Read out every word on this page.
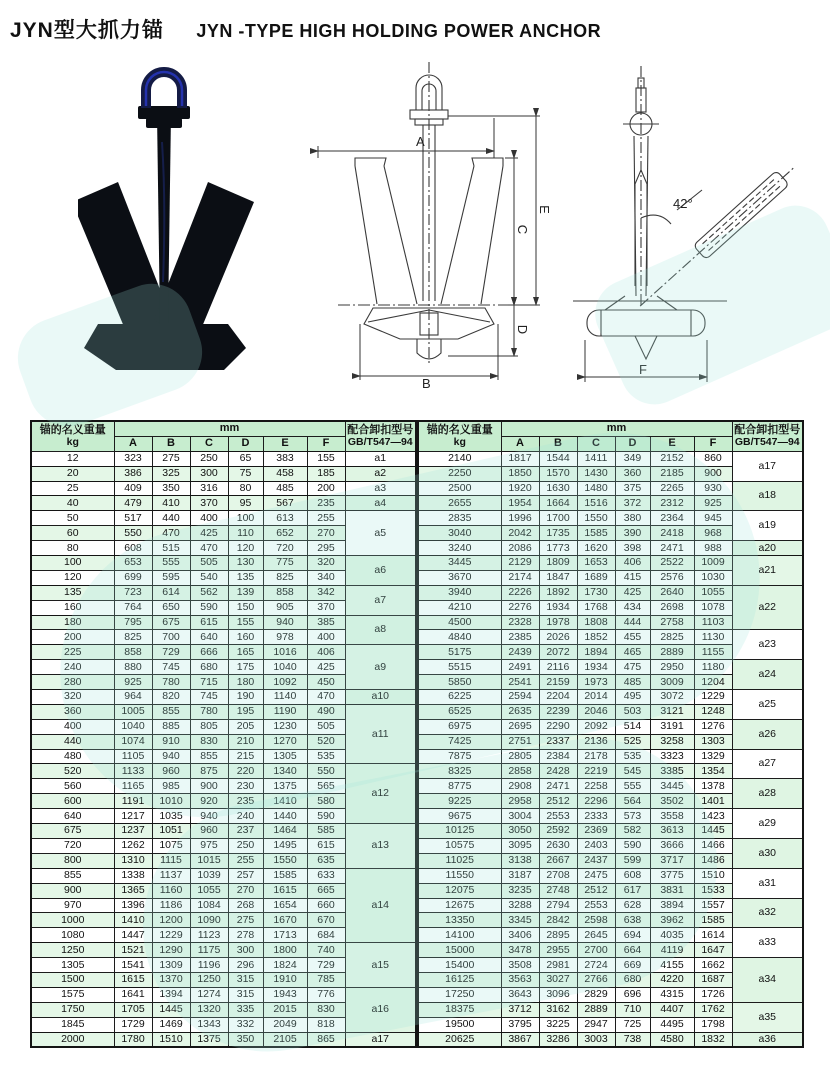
JYN型大抓力锚 JYN -TYPE HIGH HOLDING POWER ANCHOR
A
B
C
D
E	42°
F
锚的名义重量
kg	mm						配合卸扣型号
GB/T547—94

	A	B	C	D	E	F	
12	323	275	250	65	383	155	a1
20	386	325	300	75	458	185	a2
25	409	350	316	80	485	200	a3
40	479	410	370	95	567	235	a4
50	517	440	400	100	613	255	a5
60	550	470	425	110	652	270	
80	608	515	470	120	720	295	
100	653	555	505	130	775	320	a6
120	699	595	540	135	825	340	
135	723	614	562	139	858	342	a7
160	764	650	590	150	905	370	
180	795	675	615	155	940	385	a8
200	825	700	640	160	978	400	
225	858	729	666	165	1016	406	a9
240	880	745	680	175	1040	425	
280	925	780	715	180	1092	450	
320	964	820	745	190	1140	470	a10
360	1005	855	780	195	1190	490	a11
400	1040	885	805	205	1230	505	
440	1074	910	830	210	1270	520	
480	1105	940	855	215	1305	535	
520	1133	960	875	220	1340	550	a12
560	1165	985	900	230	1375	565	
600	1191	1010	920	235	1410	580	
640	1217	1035	940	240	1440	590	
675	1237	1051	960	237	1464	585	a13
720	1262	1075	975	250	1495	615	
800	1310	1115	1015	255	1550	635	
855	1338	1137	1039	257	1585	633	a14
900	1365	1160	1055	270	1615	665	
970	1396	1186	1084	268	1654	660	
1000	1410	1200	1090	275	1670	670	
1080	1447	1229	1123	278	1713	684	
1250	1521	1290	1175	300	1800	740	a15
1305	1541	1309	1196	296	1824	729	
1500	1615	1370	1250	315	1910	785	
1575	1641	1394	1274	315	1943	776	a16
1750	1705	1445	1320	335	2015	830	
1845	1729	1469	1343	332	2049	818	
2000	1780	1510	1375	350	2105	865	a17
锚的名义重量
kg	mm						配合卸扣型号
GB/T547—94

	A	B	C	D	E	F	
2140	1817	1544	1411	349	2152	860	a17
2250	1850	1570	1430	360	2185	900	
2500	1920	1630	1480	375	2265	930	a18
2655	1954	1664	1516	372	2312	925	
2835	1996	1700	1550	380	2364	945	a19
3040	2042	1735	1585	390	2418	968	
3240	2086	1773	1620	398	2471	988	a20
3445	2129	1809	1653	406	2522	1009	a21
3670	2174	1847	1689	415	2576	1030	
3940	2226	1892	1730	425	2640	1055	a22
4210	2276	1934	1768	434	2698	1078	
4500	2328	1978	1808	444	2758	1103	
4840	2385	2026	1852	455	2825	1130	a23
5175	2439	2072	1894	465	2889	1155	
5515	2491	2116	1934	475	2950	1180	a24
5850	2541	2159	1973	485	3009	1204	
6225	2594	2204	2014	495	3072	1229	a25
6525	2635	2239	2046	503	3121	1248	
6975	2695	2290	2092	514	3191	1276	a26
7425	2751	2337	2136	525	3258	1303	
7875	2805	2384	2178	535	3323	1329	a27
8325	2858	2428	2219	545	3385	1354	
8775	2908	2471	2258	555	3445	1378	a28
9225	2958	2512	2296	564	3502	1401	
9675	3004	2553	2333	573	3558	1423	a29
10125	3050	2592	2369	582	3613	1445	
10575	3095	2630	2403	590	3666	1466	a30
11025	3138	2667	2437	599	3717	1486	
11550	3187	2708	2475	608	3775	1510	a31
12075	3235	2748	2512	617	3831	1533	
12675	3288	2794	2553	628	3894	1557	a32
13350	3345	2842	2598	638	3962	1585	
14100	3406	2895	2645	694	4035	1614	a33
15000	3478	2955	2700	664	4119	1647	
15400	3508	2981	2724	669	4155	1662	a34
16125	3563	3027	2766	680	4220	1687	
17250	3643	3096	2829	696	4315	1726	
18375	3712	3162	2889	710	4407	1762	a35
19500	3795	3225	2947	725	4495	1798	
20625	3867	3286	3003	738	4580	1832	a36
